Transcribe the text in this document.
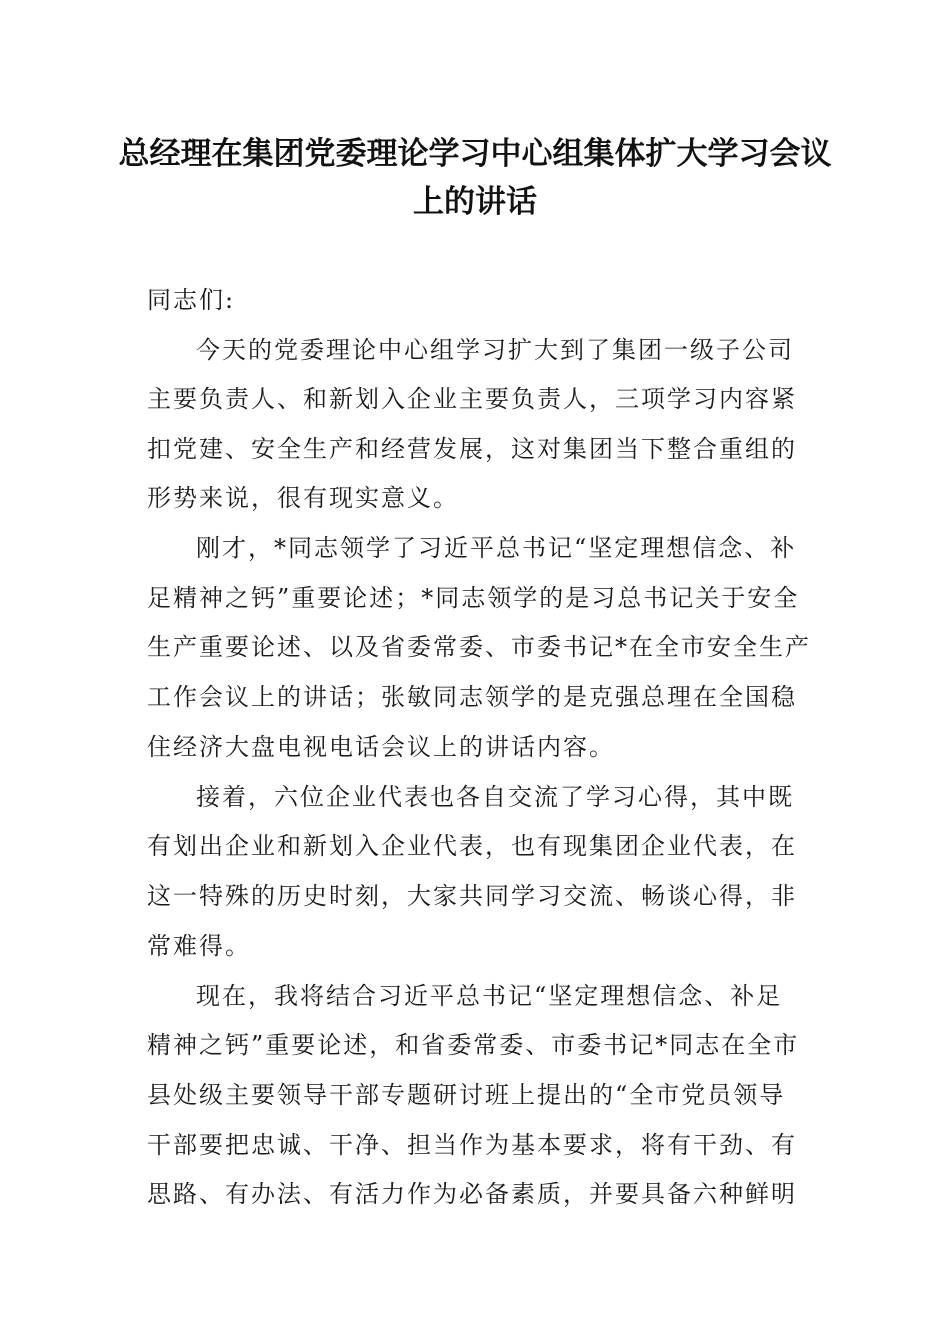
总经理在集团党委理论学习中心组集体扩大学习会议
上的讲话
同志们:
今天的党委理论中心组学习扩大到了集团一级子公司
主要负责人、和新划入企业主要负责人，三项学习内容紧
扣党建、安全生产和经营发展，这对集团当下整合重组的
形势来说，很有现实意义。
刚才，*同志领学了习近平总书记“坚定理想信念、补
足精神之钙”重要论述；*同志领学的是习总书记关于安全
生产重要论述、以及省委常委、市委书记*在全市安全生产
工作会议上的讲话；张敏同志领学的是克强总理在全国稳
住经济大盘电视电话会议上的讲话内容。
接着，六位企业代表也各自交流了学习心得，其中既
有划出企业和新划入企业代表，也有现集团企业代表，在
这一特殊的历史时刻，大家共同学习交流、畅谈心得，非
常难得。
现在，我将结合习近平总书记“坚定理想信念、补足
精神之钙”重要论述，和省委常委、市委书记*同志在全市
县处级主要领导干部专题研讨班上提出的“全市党员领导
干部要把忠诚、干净、担当作为基本要求，将有干劲、有
思路、有办法、有活力作为必备素质，并要具备六种鲜明
